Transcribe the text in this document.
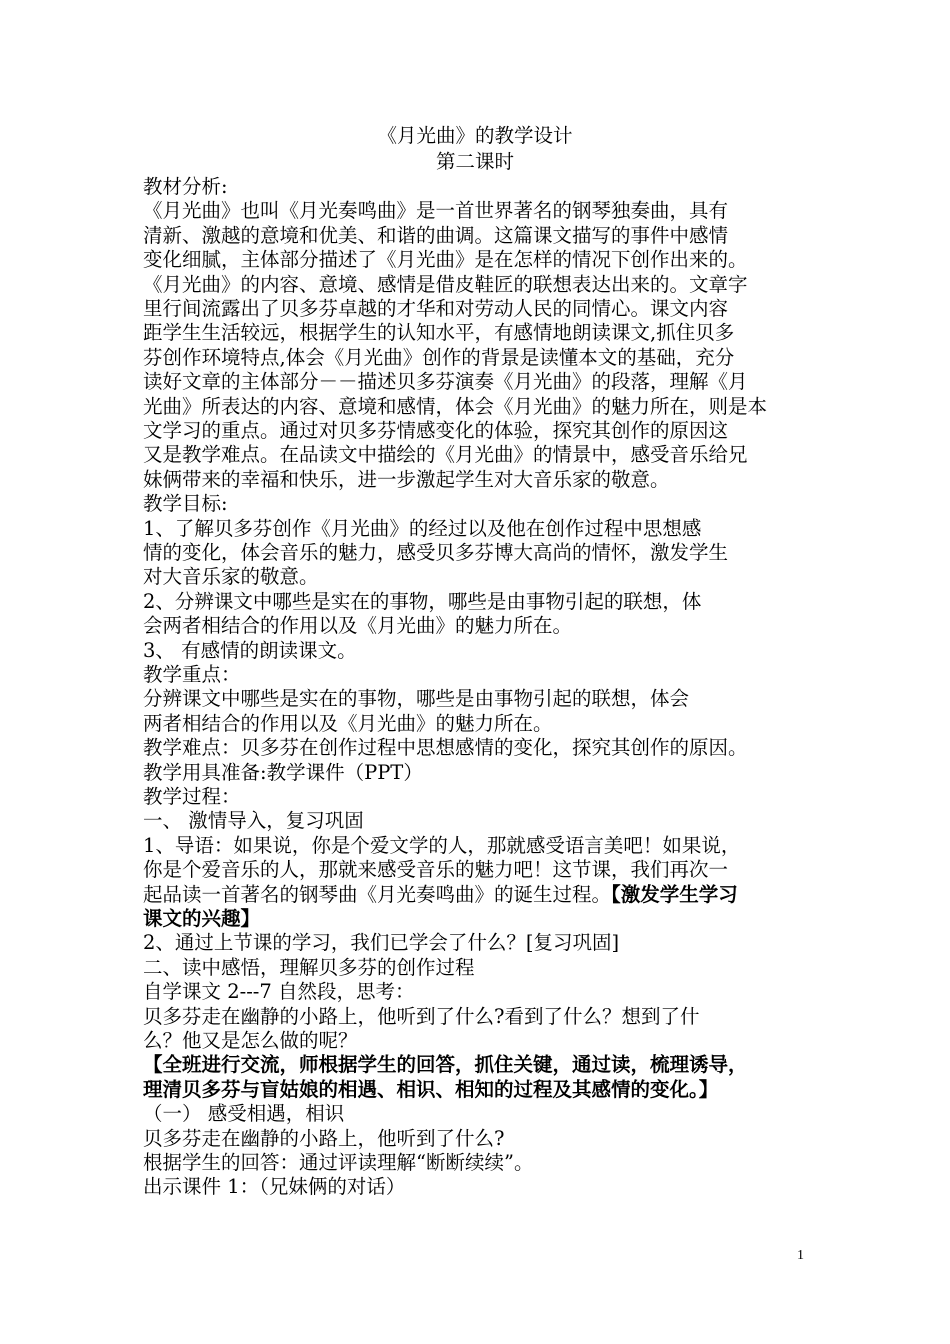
《月光曲》的教学设计
第二课时
教材分析:
《月光曲》也叫《月光奏鸣曲》是一首世界著名的钢琴独奏曲，具有
清新、激越的意境和优美、和谐的曲调。这篇课文描写的事件中感情
变化细腻，主体部分描述了《月光曲》是在怎样的情况下创作出来的。
《月光曲》的内容、意境、感情是借皮鞋匠的联想表达出来的。文章字
里行间流露出了贝多芬卓越的才华和对劳动人民的同情心。课文内容
距学生生活较远，根据学生的认知水平，有感情地朗读课文,抓住贝多
芬创作环境特点,体会《月光曲》创作的背景是读懂本文的基础，充分
读好文章的主体部分－－描述贝多芬演奏《月光曲》的段落，理解《月
光曲》所表达的内容、意境和感情，体会《月光曲》的魅力所在，则是本
文学习的重点。通过对贝多芬情感变化的体验，探究其创作的原因这
又是教学难点。在品读文中描绘的《月光曲》的情景中，感受音乐给兄
妹俩带来的幸福和快乐，进一步激起学生对大音乐家的敬意。
教学目标:
1、了解贝多芬创作《月光曲》的经过以及他在创作过程中思想感
情的变化，体会音乐的魅力，感受贝多芬博大高尚的情怀，激发学生
对大音乐家的敬意。
2、分辨课文中哪些是实在的事物，哪些是由事物引起的联想，体
会两者相结合的作用以及《月光曲》的魅力所在。
3、 有感情的朗读课文。
教学重点：
分辨课文中哪些是实在的事物，哪些是由事物引起的联想，体会
两者相结合的作用以及《月光曲》的魅力所在。
教学难点：贝多芬在创作过程中思想感情的变化，探究其创作的原因。
教学用具准备:教学课件（PPT）
教学过程：
一、 激情导入，复习巩固
1、导语：如果说，你是个爱文学的人，那就感受语言美吧！如果说，
你是个爱音乐的人，那就来感受音乐的魅力吧！这节课，我们再次一
起品读一首著名的钢琴曲《月光奏鸣曲》的诞生过程。【激发学生学习
课文的兴趣】
2、通过上节课的学习，我们已学会了什么？[复习巩固]
二、读中感悟，理解贝多芬的创作过程
自学课文 2---7 自然段，思考：
贝多芬走在幽静的小路上，他听到了什么?看到了什么？想到了什
么？他又是怎么做的呢？
【全班进行交流，师根据学生的回答，抓住关键，通过读，梳理诱导，
理清贝多芬与盲姑娘的相遇、相识、相知的过程及其感情的变化。】
（一） 感受相遇，相识
贝多芬走在幽静的小路上，他听到了什么?
根据学生的回答：通过评读理解“断断续续”。
出示课件 1：（兄妹俩的对话）
1
